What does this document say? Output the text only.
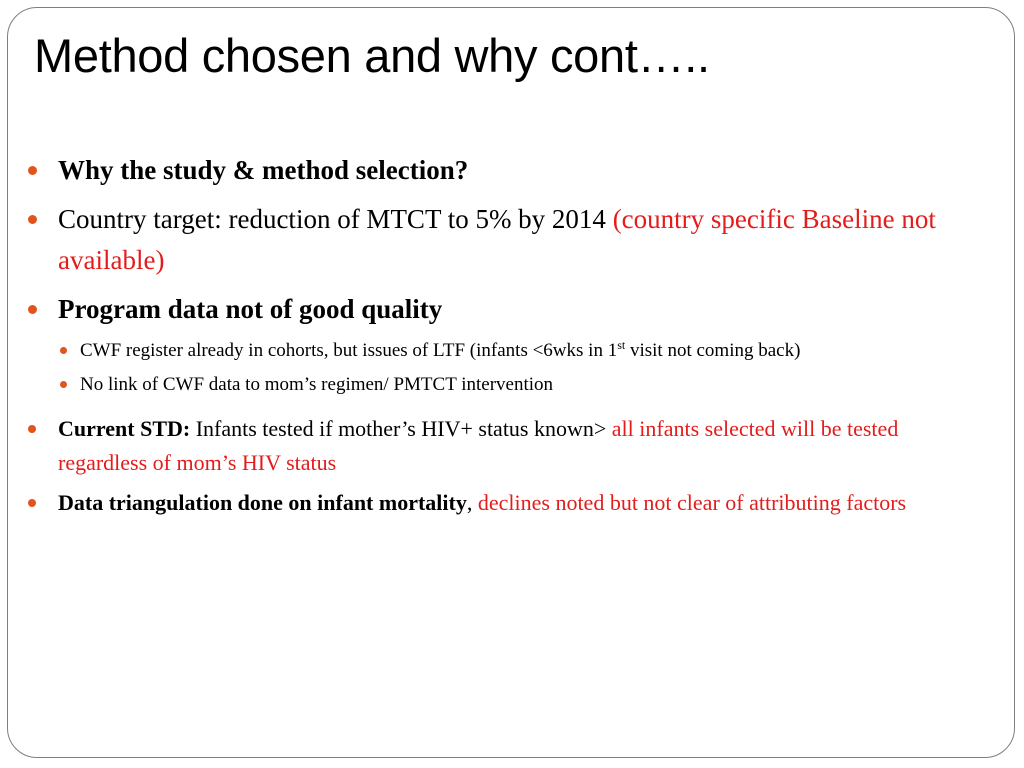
Method chosen and why cont…..
Why the study & method selection?
Country target: reduction of MTCT to 5% by 2014 (country specific Baseline not available)
Program data not of good quality
CWF register already in cohorts, but issues of LTF (infants <6wks in 1st visit not coming back)
No link of CWF data to mom’s regimen/ PMTCT intervention
Current STD: Infants tested if mother’s HIV+ status known> all infants selected will be tested regardless of mom’s HIV status
Data triangulation done on infant mortality, declines noted but not clear of attributing factors
